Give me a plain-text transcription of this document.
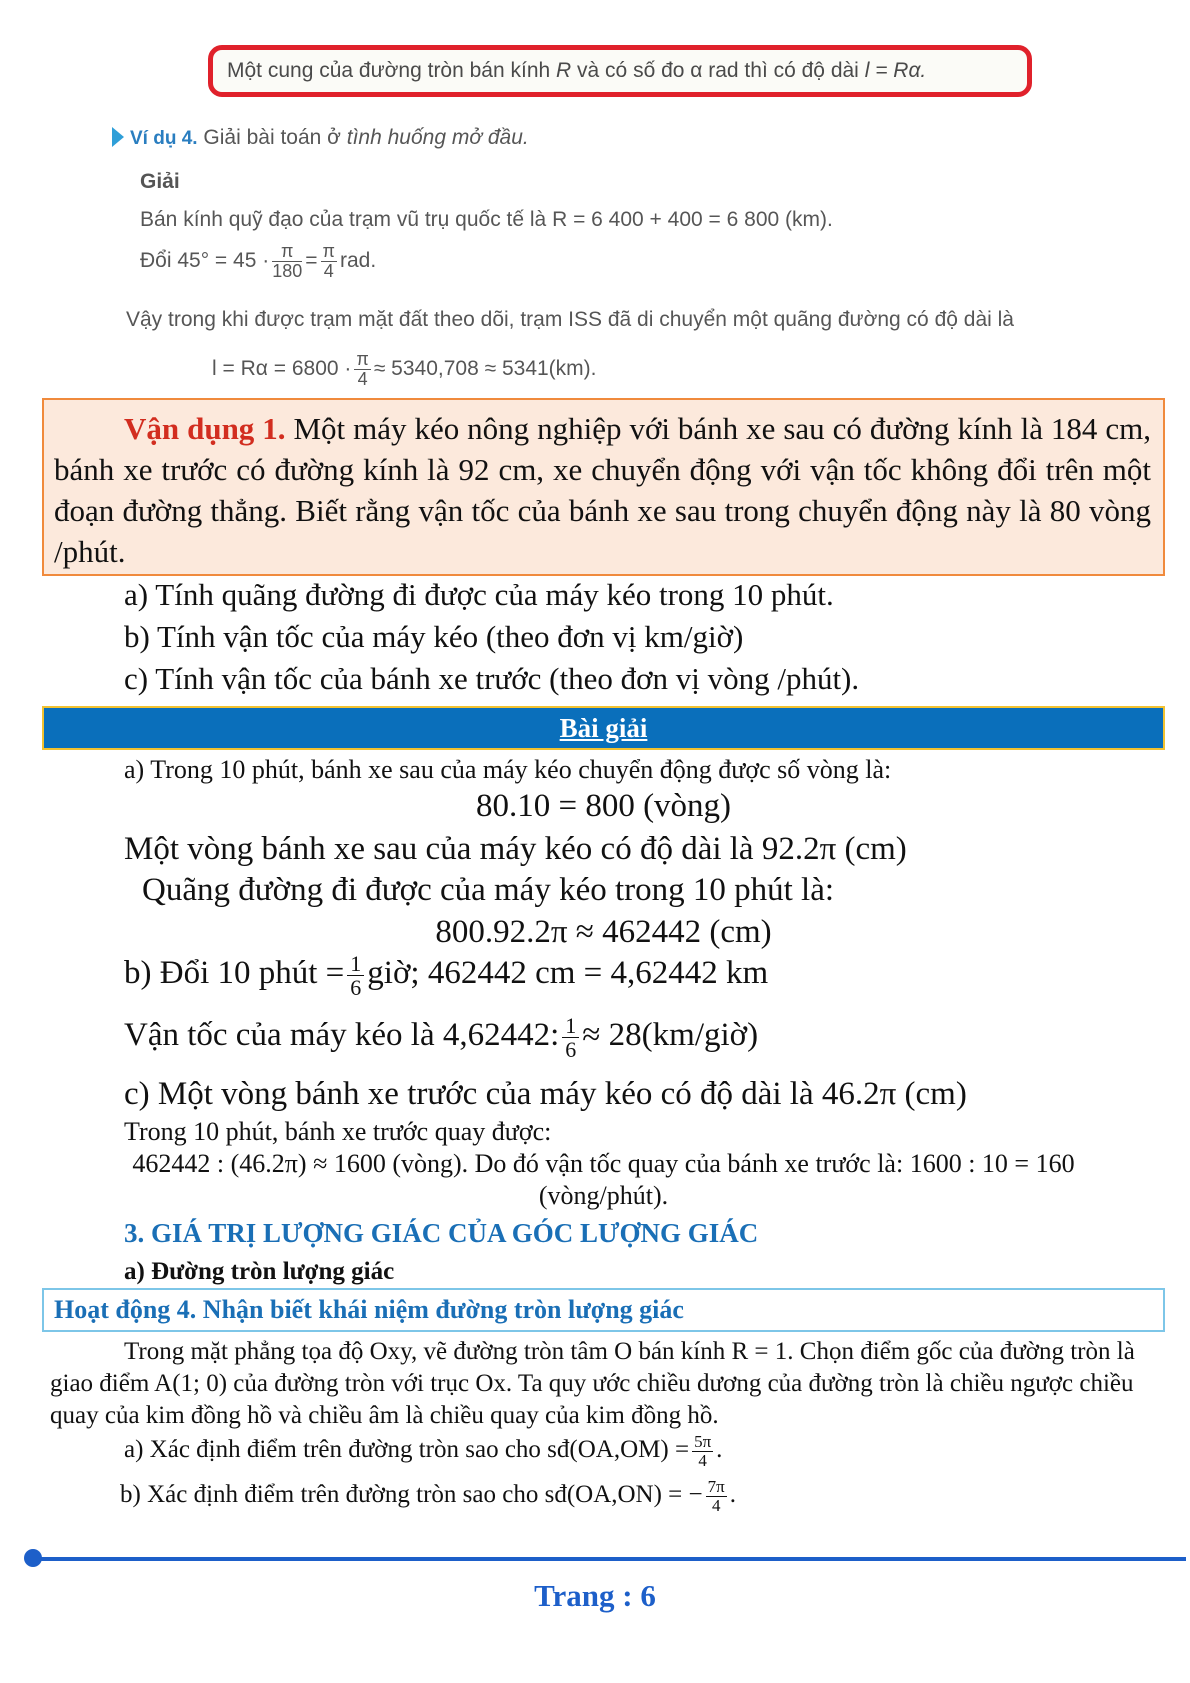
Một cung của đường tròn bán kính R và có số đo α rad thì có độ dài l = Rα.
Ví dụ 4. Giải bài toán ở tình huống mở đầu.
Giải
Bán kính quỹ đạo của trạm vũ trụ quốc tế là R = 6 400 + 400 = 6 800 (km).
Đổi $45^\circ = 45 \cdot \frac{\pi}{180} = \frac{\pi}{4}$ rad.
Vậy trong khi được trạm mặt đất theo dõi, trạm ISS đã di chuyển một quãng đường có độ dài là
$l = R\alpha = 6800 \cdot \frac{\pi}{4} \approx 5340,708 \approx 5341(km)$.
Vận dụng 1. Một máy kéo nông nghiệp với bánh xe sau có đường kính là 184 cm, bánh xe trước có đường kính là 92 cm, xe chuyển động với vận tốc không đổi trên một đoạn đường thẳng. Biết rằng vận tốc của bánh xe sau trong chuyển động này là 80 vòng /phút.
a) Tính quãng đường đi được của máy kéo trong 10 phút.
b) Tính vận tốc của máy kéo (theo đơn vị km/giờ)
c) Tính vận tốc của bánh xe trước (theo đơn vị vòng /phút).
Bài giải
a) Trong 10 phút, bánh xe sau của máy kéo chuyển động được số vòng là:
80.10 = 800 (vòng)
Một vòng bánh xe sau của máy kéo có độ dài là 92.2π (cm)
Quãng đường đi được của máy kéo trong 10 phút là:
800.92.2π ≈ 462442 (cm)
b) Đổi 10 phút = $\frac{1}{6}$ giờ; 462442 cm = 4,62442 km
Vận tốc của máy kéo là 4,62442: $\frac{1}{6}$ ≈ 28(km/giờ)
c) Một vòng bánh xe trước của máy kéo có độ dài là 46.2π (cm)
Trong 10 phút, bánh xe trước quay được:
462442 : (46.2π) ≈ 1600 (vòng). Do đó vận tốc quay của bánh xe trước là: 1600 : 10 = 160
(vòng/phút).
3. GIÁ TRỊ LƯỢNG GIÁC CỦA GÓC LƯỢNG GIÁC
a) Đường tròn lượng giác
Hoạt động 4. Nhận biết khái niệm đường tròn lượng giác
Trong mặt phẳng tọa độ Oxy, vẽ đường tròn tâm O bán kính R = 1. Chọn điểm gốc của đường tròn là giao điểm A(1; 0) của đường tròn với trục Ox. Ta quy ước chiều dương của đường tròn là chiều ngược chiều quay của kim đồng hồ và chiều âm là chiều quay của kim đồng hồ.
a) Xác định điểm trên đường tròn sao cho sđ(OA,OM) = $\frac{5\pi}{4}$ .
b) Xác định điểm trên đường tròn sao cho sđ(OA,ON) = − $\frac{7\pi}{4}$ .
Trang : 6
